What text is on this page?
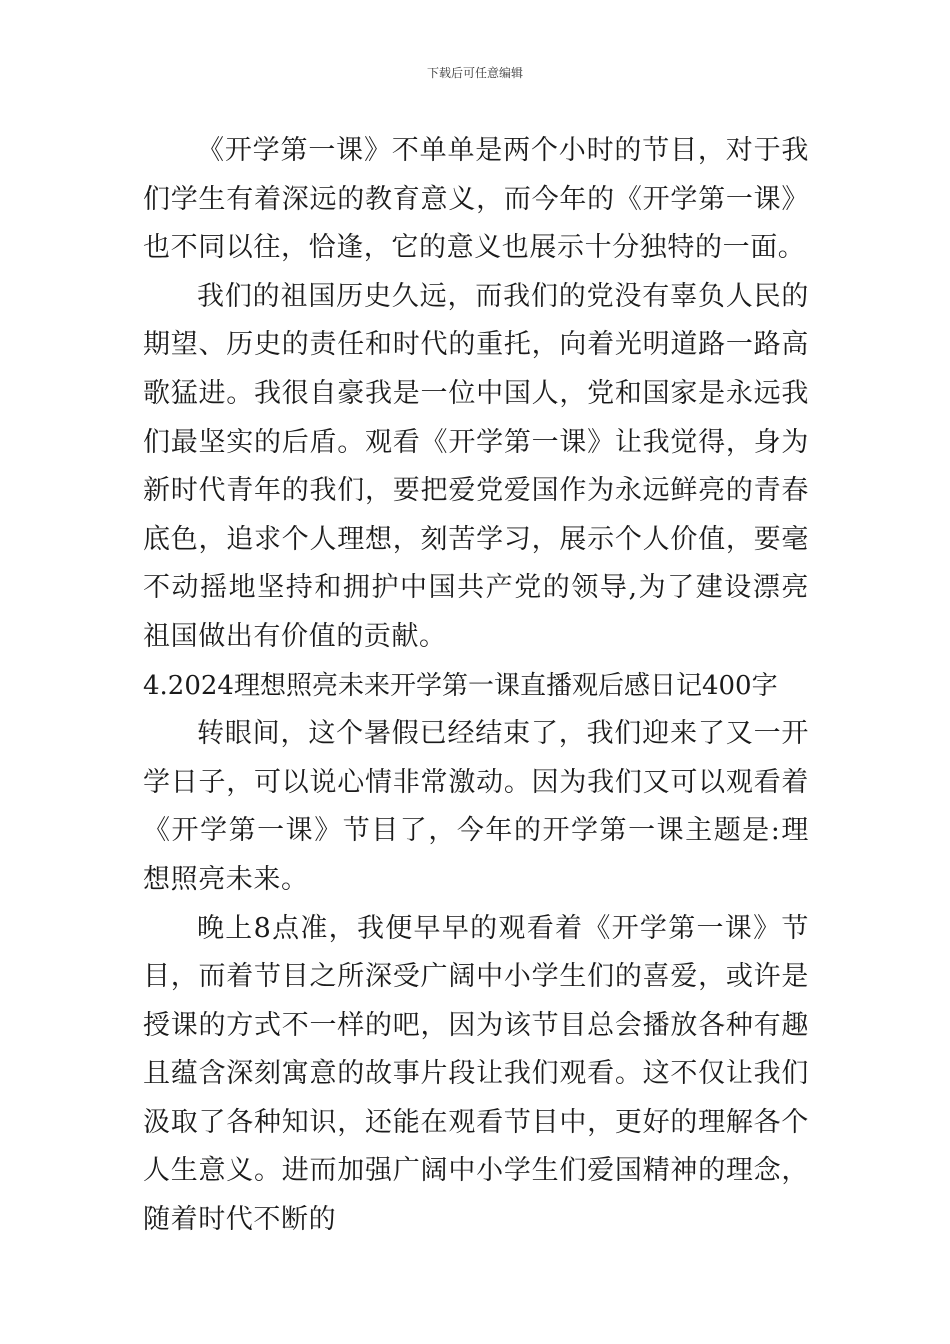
下载后可任意编辑

《开学第一课》不单单是两个小时的节目，对于我们学生有着深远的教育意义，而今年的《开学第一课》也不同以往，恰逢，它的意义也展示十分独特的一面。

我们的祖国历史久远，而我们的党没有辜负人民的期望、历史的责任和时代的重托，向着光明道路一路高歌猛进。我很自豪我是一位中国人，党和国家是永远我们最坚实的后盾。观看《开学第一课》让我觉得，身为新时代青年的我们，要把爱党爱国作为永远鲜亮的青春底色，追求个人理想，刻苦学习，展示个人价值，要毫不动摇地坚持和拥护中国共产党的领导,为了建设漂亮祖国做出有价值的贡献。

4.2024理想照亮未来开学第一课直播观后感日记400字

转眼间，这个暑假已经结束了，我们迎来了又一开学日子，可以说心情非常激动。因为我们又可以观看着《开学第一课》节目了，今年的开学第一课主题是:理想照亮未来。

晚上8点准，我便早早的观看着《开学第一课》节目，而着节目之所深受广阔中小学生们的喜爱，或许是授课的方式不一样的吧，因为该节目总会播放各种有趣且蕴含深刻寓意的故事片段让我们观看。这不仅让我们汲取了各种知识，还能在观看节目中，更好的理解各个人生意义。进而加强广阔中小学生们爱国精神的理念，随着时代不断的
